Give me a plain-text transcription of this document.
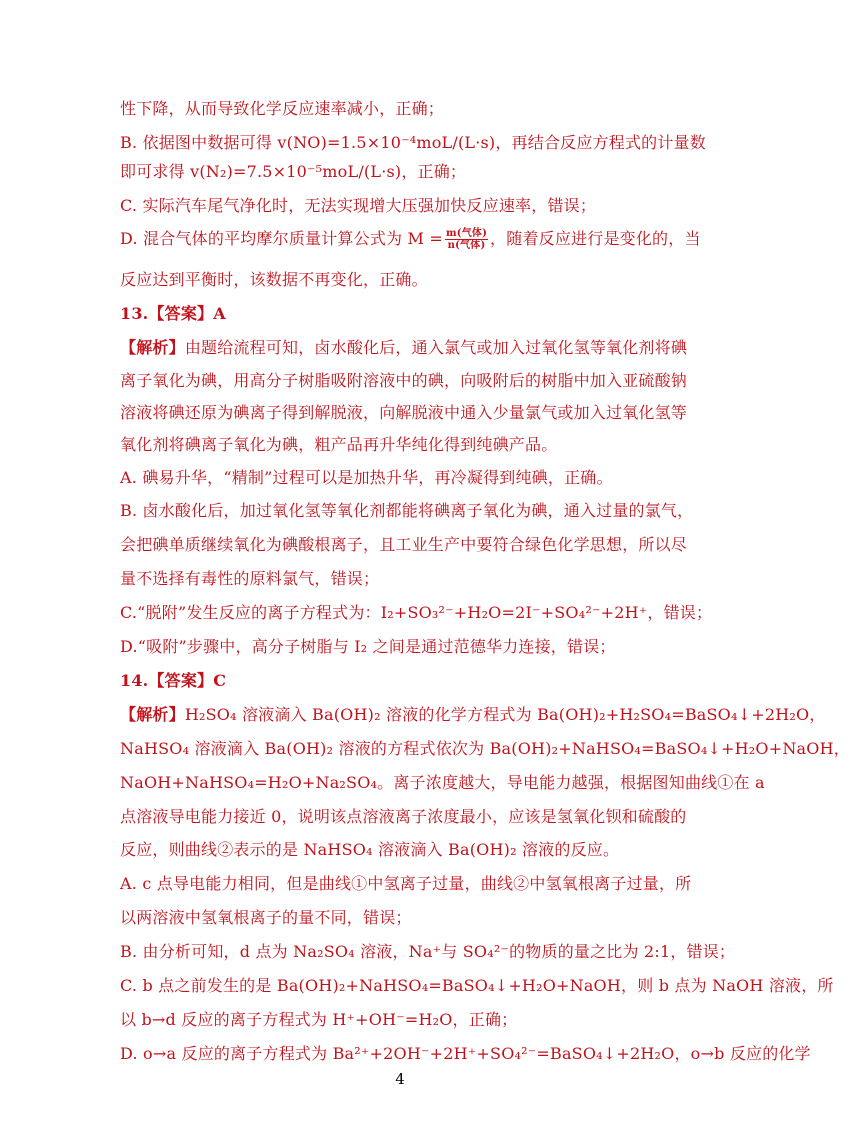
性下降，从而导致化学反应速率减小，正确；
B. 依据图中数据可得 v(NO)=1.5×10⁻⁴moL/(L·s)，再结合反应方程式的计量数
即可求得 v(N₂)=7.5×10⁻⁵moL/(L·s)，正确；
C. 实际汽车尾气净化时，无法实现增大压强加快反应速率，错误；
D. 混合气体的平均摩尔质量计算公式为 $M = \frac{\text{m(气体)}}{\text{n(气体)}}$ ，随着反应进行是变化的，当
反应达到平衡时，该数据不再变化，正确。
13.【答案】A
【解析】由题给流程可知，卤水酸化后，通入氯气或加入过氧化氢等氧化剂将碘
离子氧化为碘，用高分子树脂吸附溶液中的碘，向吸附后的树脂中加入亚硫酸钠
溶液将碘还原为碘离子得到解脱液，向解脱液中通入少量氯气或加入过氧化氢等
氧化剂将碘离子氧化为碘，粗产品再升华纯化得到纯碘产品。
A. 碘易升华，“精制”过程可以是加热升华，再冷凝得到纯碘，正确。
B. 卤水酸化后，加过氧化氢等氧化剂都能将碘离子氧化为碘，通入过量的氯气，
会把碘单质继续氧化为碘酸根离子，且工业生产中要符合绿色化学思想，所以尽
量不选择有毒性的原料氯气，错误；
C.“脱附”发生反应的离子方程式为：I₂+SO₃²⁻+H₂O=2I⁻+SO₄²⁻+2H⁺，错误；
D.“吸附”步骤中，高分子树脂与 I₂ 之间是通过范德华力连接，错误；
14.【答案】C
【解析】H₂SO₄ 溶液滴入 Ba(OH)₂ 溶液的化学方程式为 Ba(OH)₂+H₂SO₄=BaSO₄↓+2H₂O，
NaHSO₄ 溶液滴入 Ba(OH)₂ 溶液的方程式依次为 Ba(OH)₂+NaHSO₄=BaSO₄↓+H₂O+NaOH，
NaOH+NaHSO₄=H₂O+Na₂SO₄。离子浓度越大，导电能力越强，根据图知曲线①在 a
点溶液导电能力接近 0，说明该点溶液离子浓度最小，应该是氢氧化钡和硫酸的
反应，则曲线②表示的是 NaHSO₄ 溶液滴入 Ba(OH)₂ 溶液的反应。
A. c 点导电能力相同，但是曲线①中氢离子过量，曲线②中氢氧根离子过量，所
以两溶液中氢氧根离子的量不同，错误；
B. 由分析可知，d 点为 Na₂SO₄ 溶液，Na⁺与 SO₄²⁻的物质的量之比为 2:1，错误；
C. b 点之前发生的是 Ba(OH)₂+NaHSO₄=BaSO₄↓+H₂O+NaOH，则 b 点为 NaOH 溶液，所
以 b→d 反应的离子方程式为 H⁺+OH⁻=H₂O，正确；
D. o→a 反应的离子方程式为 Ba²⁺+2OH⁻+2H⁺+SO₄²⁻=BaSO₄↓+2H₂O，o→b 反应的化学
4
